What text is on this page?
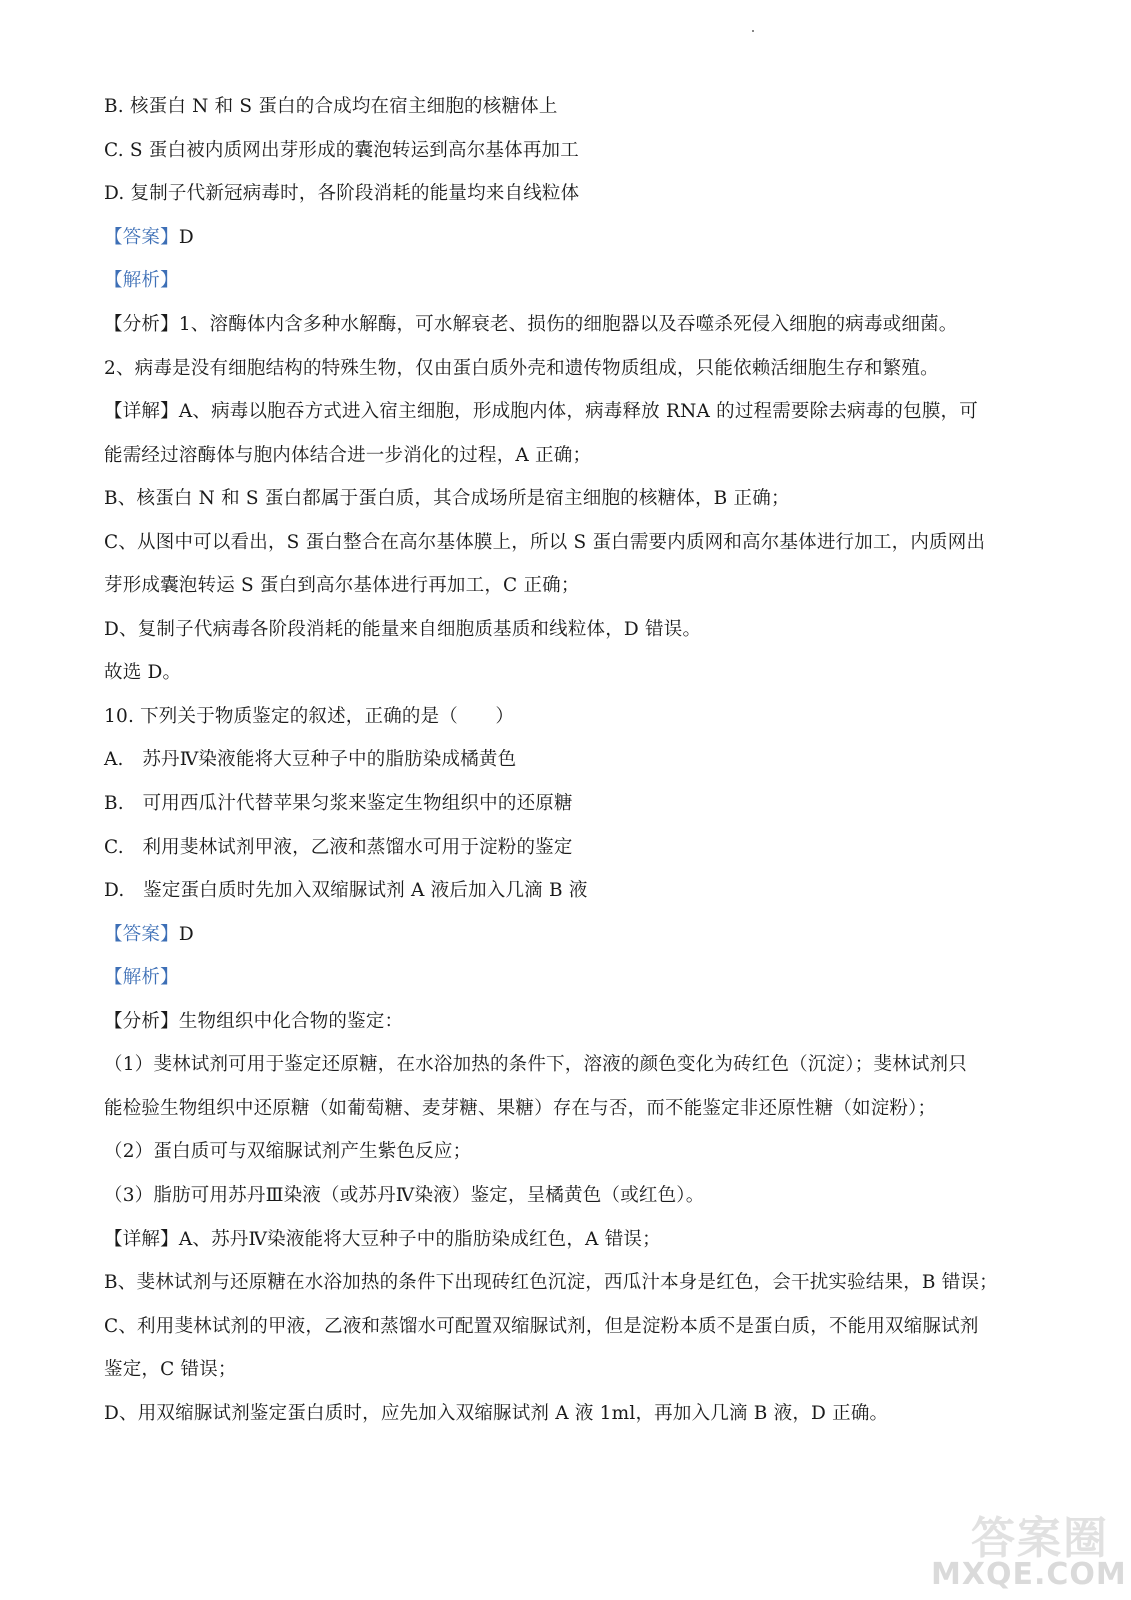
B. 核蛋白 N 和 S 蛋白的合成均在宿主细胞的核糖体上
C. S 蛋白被内质网出芽形成的囊泡转运到高尔基体再加工
D. 复制子代新冠病毒时，各阶段消耗的能量均来自线粒体
【答案】D
【解析】
【分析】1、溶酶体内含多种水解酶，可水解衰老、损伤的细胞器以及吞噬杀死侵入细胞的病毒或细菌。
2、病毒是没有细胞结构的特殊生物，仅由蛋白质外壳和遗传物质组成，只能依赖活细胞生存和繁殖。
【详解】A、病毒以胞吞方式进入宿主细胞，形成胞内体，病毒释放 RNA 的过程需要除去病毒的包膜，可
能需经过溶酶体与胞内体结合进一步消化的过程，A 正确；
B、核蛋白 N 和 S 蛋白都属于蛋白质，其合成场所是宿主细胞的核糖体，B 正确；
C、从图中可以看出，S 蛋白整合在高尔基体膜上，所以 S 蛋白需要内质网和高尔基体进行加工，内质网出
芽形成囊泡转运 S 蛋白到高尔基体进行再加工，C 正确；
D、复制子代病毒各阶段消耗的能量来自细胞质基质和线粒体，D 错误。
故选 D。
10. 下列关于物质鉴定的叙述，正确的是（　　）
A.　苏丹Ⅳ染液能将大豆种子中的脂肪染成橘黄色
B.　可用西瓜汁代替苹果匀浆来鉴定生物组织中的还原糖
C.　利用斐林试剂甲液，乙液和蒸馏水可用于淀粉的鉴定
D.　鉴定蛋白质时先加入双缩脲试剂 A 液后加入几滴 B 液
【答案】D
【解析】
【分析】生物组织中化合物的鉴定：
（1）斐林试剂可用于鉴定还原糖，在水浴加热的条件下，溶液的颜色变化为砖红色（沉淀）；斐林试剂只
能检验生物组织中还原糖（如葡萄糖、麦芽糖、果糖）存在与否，而不能鉴定非还原性糖（如淀粉）；
（2）蛋白质可与双缩脲试剂产生紫色反应；
（3）脂肪可用苏丹Ⅲ染液（或苏丹Ⅳ染液）鉴定，呈橘黄色（或红色）。
【详解】A、苏丹Ⅳ染液能将大豆种子中的脂肪染成红色，A 错误；
B、斐林试剂与还原糖在水浴加热的条件下出现砖红色沉淀，西瓜汁本身是红色，会干扰实验结果，B 错误；
C、利用斐林试剂的甲液，乙液和蒸馏水可配置双缩脲试剂，但是淀粉本质不是蛋白质，不能用双缩脲试剂
鉴定，C 错误；
D、用双缩脲试剂鉴定蛋白质时，应先加入双缩脲试剂 A 液 1ml，再加入几滴 B 液，D 正确。
答案圈
MXQE.COM
